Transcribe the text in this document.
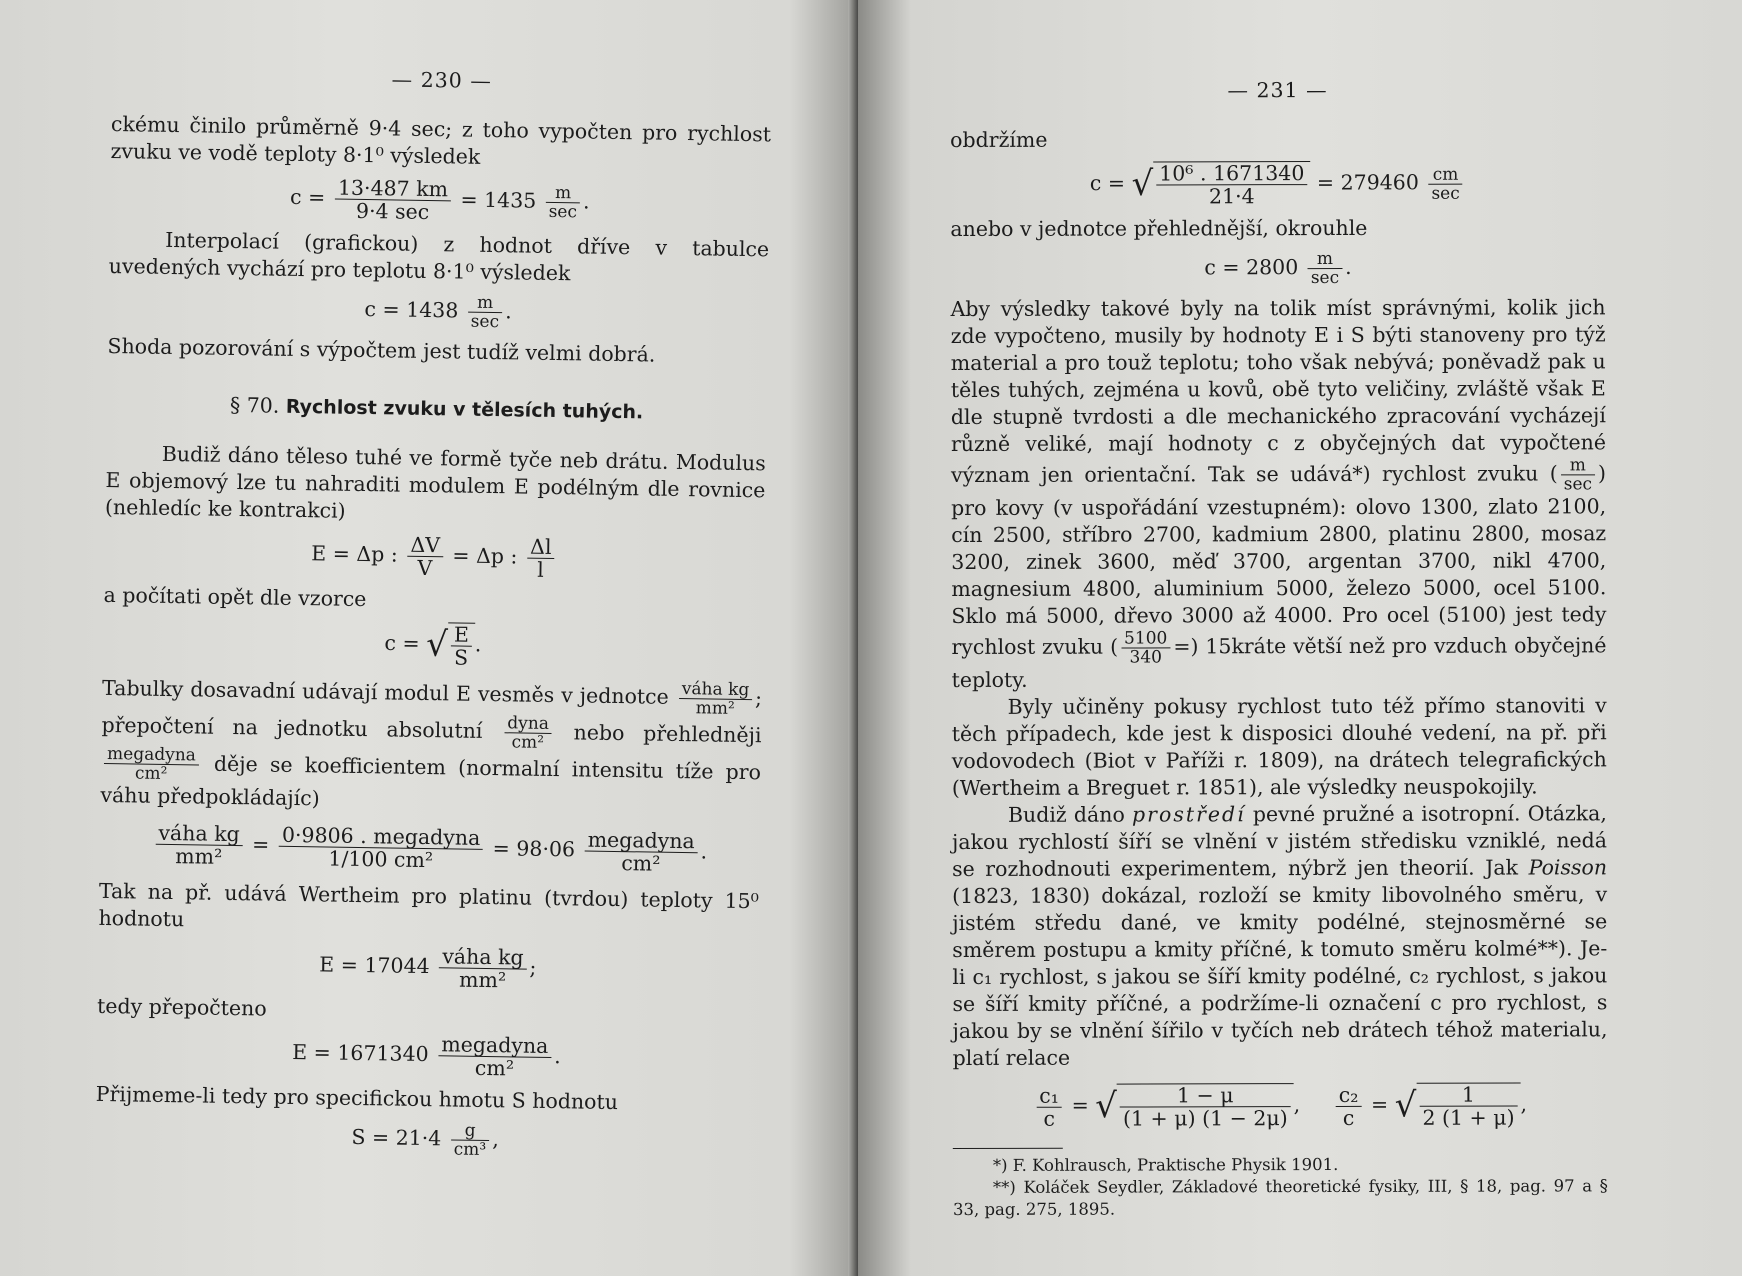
— 230 —

ckému činilo průměrně 9·4 sec; z toho vypočten pro rychlost zvuku ve vodě teploty 8·1⁰ výsledek

$c = \frac{13\cdot 487 km}{9\cdot 4 \sec} = 1435 \frac{m}{\sec}$ .

Interpolací (grafickou) z hodnot dříve v tabulce uvedených vychází pro teplotu 8·1⁰ výsledek

$c = 1438 \frac{m}{\sec}$ .

Shoda pozorování s výpočtem jest tudíž velmi dobrá.

§ 70. Rychlost zvuku v tělesích tuhých.

Budiž dáno těleso tuhé ve formě tyče neb drátu. Modulus E objemový lze tu nahraditi modulem E podélným dle rovnice (nehledíc ke kontrakci)

E = Δp : $\frac{\Delta V}{V} = \Delta p$ : $\frac{\Delta l}{l}$

a počítati opět dle vzorce

c = √ $\frac{E}{S}$ .

Tabulky dosavadní udávají modul E vesměs v jednotce $\frac{\text{váha kg}}{\text{mm²}}$ ; přepočtení na jednotku absolutní $\frac{\text{dyna}}{\text{cm²}}$ nebo přehledněji
$\frac{\text{megadyna}}{\text{cm²}}$ děje se koefficientem (normalní intensitu tíže pro váhu předpokládajíc)

$\frac{\text{váha kg}}{\text{mm²}} = \frac{\text{0·9806 . megadyna}}{\text{1/100 cm²}} = 98\cdot 06 \frac{\text{megadyna}}{\text{cm²}}$ .

Tak na př. udává Wertheim pro platinu (tvrdou) teploty 15⁰ hodnotu

$E = 17044 \frac{\text{váha kg}}{\text{mm²}}$ ;

tedy přepočteno

$E = 1671340 \frac{\text{megadyna}}{\text{cm²}}$ .

Přijmeme-li tedy pro specifickou hmotu S hodnotu

$S = 21\cdot 4 \frac{g}{\text{cm³}}$ ,
— 231 —

obdržíme

c = √ $\frac{\text{10⁶ . 1671340}}{21\cdot 4} = 279460 \frac{cm}{\sec}$

anebo v jednotce přehlednější, okrouhle

$c = 2800 \frac{m}{\sec}$ .

Aby výsledky takové byly na tolik míst správnými, kolik jich zde vypočteno, musily by hodnoty E i S býti stanoveny pro týž material a pro touž teplotu; toho však nebývá; poněvadž pak u těles tuhých, zejména u kovů, obě tyto veličiny, zvláště však E dle stupně tvrdosti a dle mechanického zpracování vycházejí různě veliké, mají hodnoty c z obyčejných dat vypočtené význam jen orientační. Tak se udává*) rychlost zvuku ( $\frac{m}{\sec}$ ) pro kovy (v uspořádání vzestupném): olovo 1300, zlato 2100, cín 2500, stříbro 2700, kadmium 2800, platinu 2800, mosaz 3200, zinek 3600, měď 3700, argentan 3700, nikl 4700, magnesium 4800, aluminium 5000, železo 5000, ocel 5100. Sklo má 5000, dřevo 3000 až 4000. Pro ocel (5100) jest tedy rychlost zvuku ( $\frac{5100}{340}$ =) 15kráte větší než pro vzduch obyčejné teploty.

Byly učiněny pokusy rychlost tuto též přímo stanoviti v těch případech, kde jest k disposici dlouhé vedení, na př. při vodovodech (Biot v Paříži r. 1809), na drátech telegrafických (Wertheim a Breguet r. 1851), ale výsledky neuspokojily.

Budiž dáno prostředí pevné pružné a isotropní. Otázka, jakou rychlostí šíří se vlnění v jistém středisku vzniklé, nedá se rozhodnouti experimentem, nýbrž jen theorií. Jak Poisson (1823, 1830) dokázal, rozloží se kmity libovolného směru, v jistém středu dané, ve kmity podélné, stejnosměrné se směrem postupu a kmity příčné, k tomuto směru kolmé**). Je-li c₁ rychlost, s jakou se šíří kmity podélné, c₂ rychlost, s jakou se šíří kmity příčné, a podržíme-li označení c pro rychlost, s jakou by se vlnění šířilo v tyčích neb drátech téhož materialu, platí relace

$\frac{\text{c₁}}{c}$ = √ $\frac{1 - \mu}{(1 + \mu) (1 - 2\mu)}$ , $\frac{\text{c₂}}{c}$ = √ $\frac{1}{2 (1 + \mu)}$ ,

*) F. Kohlrausch, Praktische Physik 1901.

**) Koláček Seydler, Základové theoretické fysiky, III, § 18, pag. 97 a § 33, pag. 275, 1895.
